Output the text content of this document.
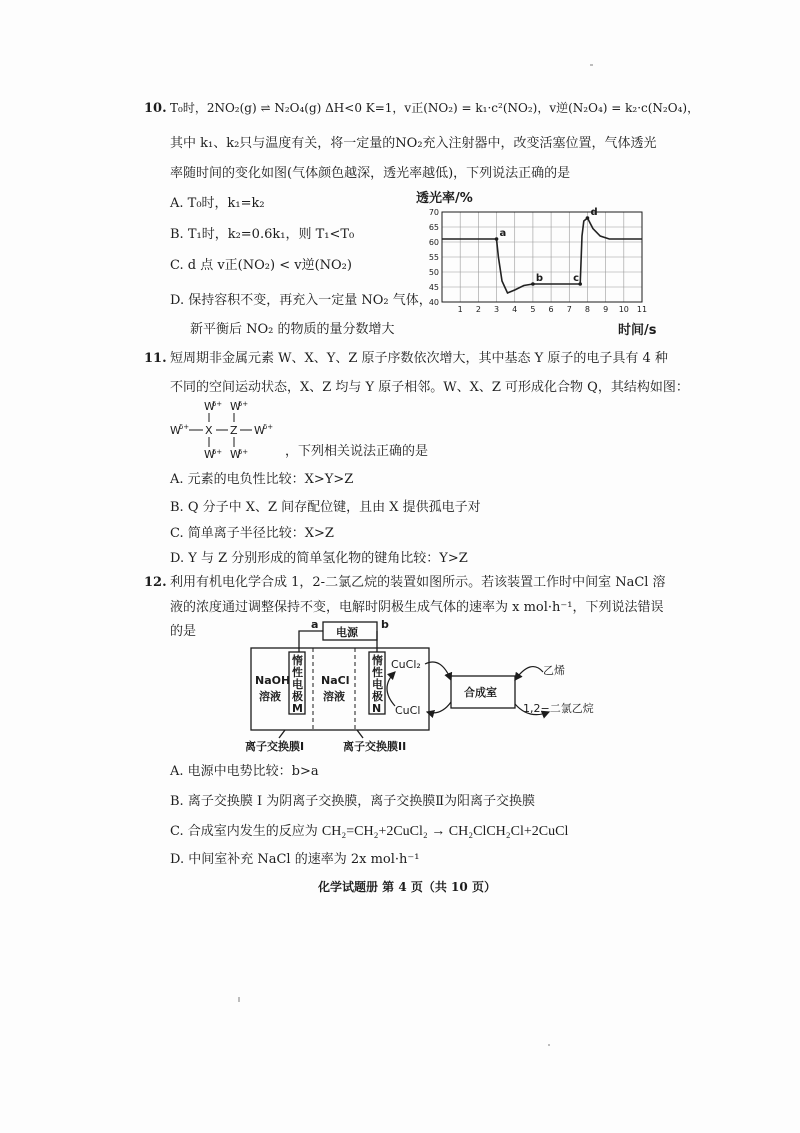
10. T₀时，2NO₂(g) ⇌ N₂O₄(g) ΔH<0 K=1，v正(NO₂) = k₁·c²(NO₂)，v逆(N₂O₄) = k₂·c(N₂O₄)，
其中 k₁、k₂只与温度有关，将一定量的NO₂充入注射器中，改变活塞位置，气体透光
率随时间的变化如图(气体颜色越深，透光率越低)，下列说法正确的是
A. T₀时，k₁=k₂
B. T₁时，k₂=0.6k₁，则 T₁<T₀
C. d 点 v正(NO₂) < v逆(NO₂)
D. 保持容积不变，再充入一定量 NO₂ 气体，
新平衡后 NO₂ 的物质的量分数增大
透光率/%
时间/s
1 2 3 4 5 6 7 8 9 10 11
40
45
50
55
60
65
70
a
b	c
d
11. 短周期非金属元素 W、X、Y、Z 原子序数依次增大，其中基态 Y 原子的电子具有 4 种
不同的空间运动状态，X、Z 均与 Y 原子相邻。W、X、Z 可形成化合物 Q，其结构如图：
W
δ+ W
δ+
W
δ+ X Z W
δ+
W
δ+ W
δ+	，下列相关说法正确的是
A. 元素的电负性比较：X>Y>Z
B. Q 分子中 X、Z 间存配位键，且由 X 提供孤电子对
C. 简单离子半径比较：X>Z
D. Y 与 Z 分别形成的简单氢化物的键角比较：Y>Z
12. 利用有机电化学合成 1，2-二氯乙烷的装置如图所示。若该装置工作时中间室 NaCl 溶
液的浓度通过调整保持不变，电解时阴极生成气体的速率为 x mol·h⁻¹，下列说法错误
的是	电源
a	b
NaOH
溶液
NaCl
溶液
惰
性
电
极
M
惰
性
电
极
N
CuCl₂
CuCl
合成室
乙烯
1,2−二氯乙烷
离子交换膜I	离子交换膜II
A. 电源中电势比较：b>a
B. 离子交换膜 I 为阴离子交换膜，离子交换膜Ⅱ为阳离子交换膜
C. 合成室内发生的反应为 CH₂=CH₂+2CuCl₂ → CH₂ClCH₂Cl+2CuCl
D. 中间室补充 NaCl 的速率为 2x mol·h⁻¹
化学试题册 第 4 页（共 10 页）
